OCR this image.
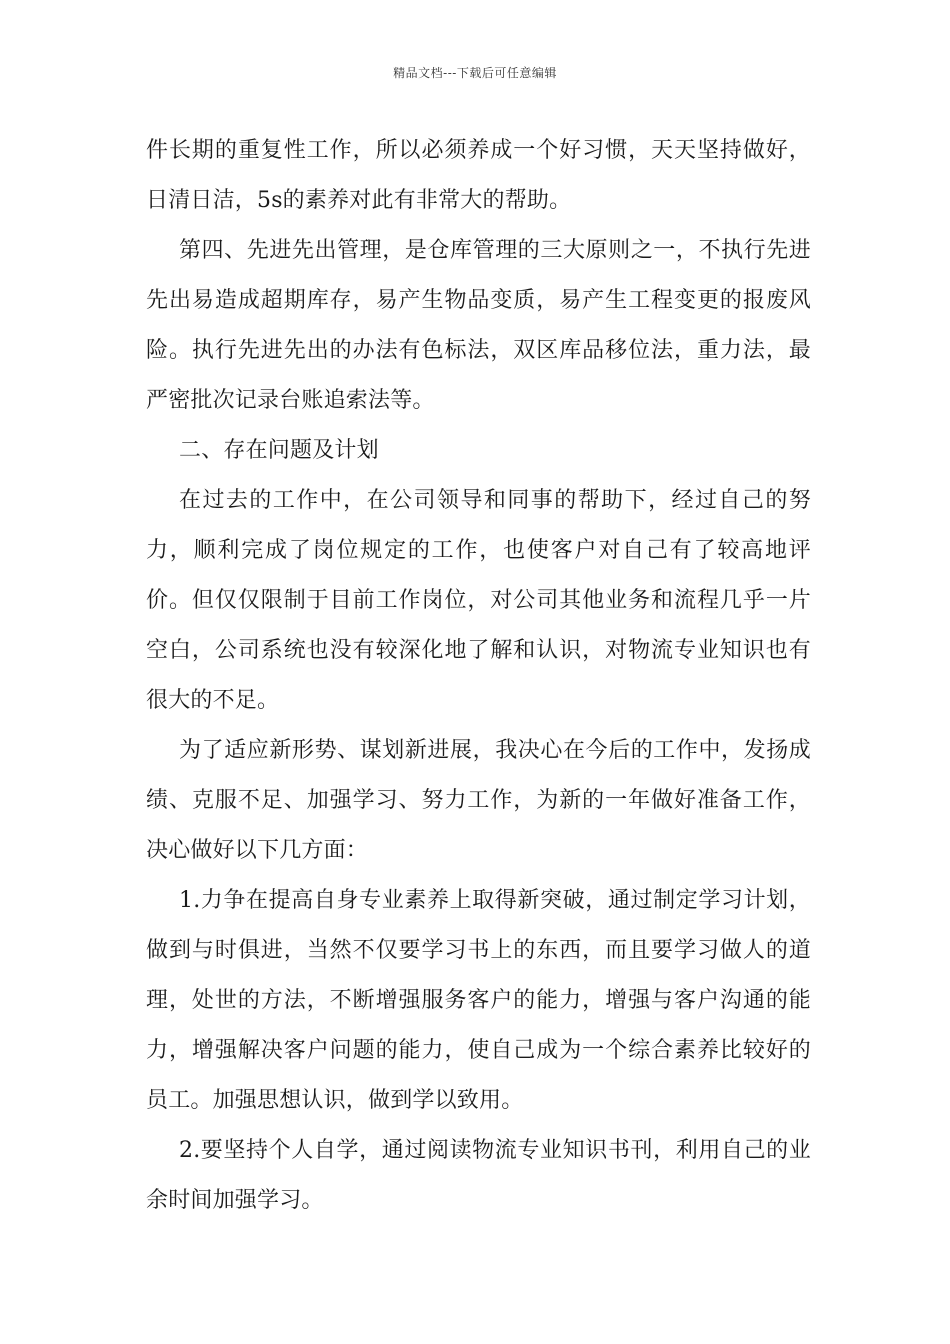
精品文档---下载后可任意编辑

件长期的重复性工作，所以必须养成一个好习惯，天天坚持做好，日清日洁，5s的素养对此有非常大的帮助。

第四、先进先出管理，是仓库管理的三大原则之一，不执行先进先出易造成超期库存，易产生物品变质，易产生工程变更的报废风险。执行先进先出的办法有色标法，双区库品移位法，重力法，最严密批次记录台账追索法等。

二、存在问题及计划

在过去的工作中，在公司领导和同事的帮助下，经过自己的努力，顺利完成了岗位规定的工作，也使客户对自己有了较高地评价。但仅仅限制于目前工作岗位，对公司其他业务和流程几乎一片空白，公司系统也没有较深化地了解和认识，对物流专业知识也有很大的不足。

为了适应新形势、谋划新进展，我决心在今后的工作中，发扬成绩、克服不足、加强学习、努力工作，为新的一年做好准备工作，决心做好以下几方面：

1.力争在提高自身专业素养上取得新突破，通过制定学习计划，做到与时俱进，当然不仅要学习书上的东西，而且要学习做人的道理，处世的方法，不断增强服务客户的能力，增强与客户沟通的能力，增强解决客户问题的能力，使自己成为一个综合素养比较好的员工。加强思想认识，做到学以致用。

2.要坚持个人自学，通过阅读物流专业知识书刊，利用自己的业余时间加强学习。
